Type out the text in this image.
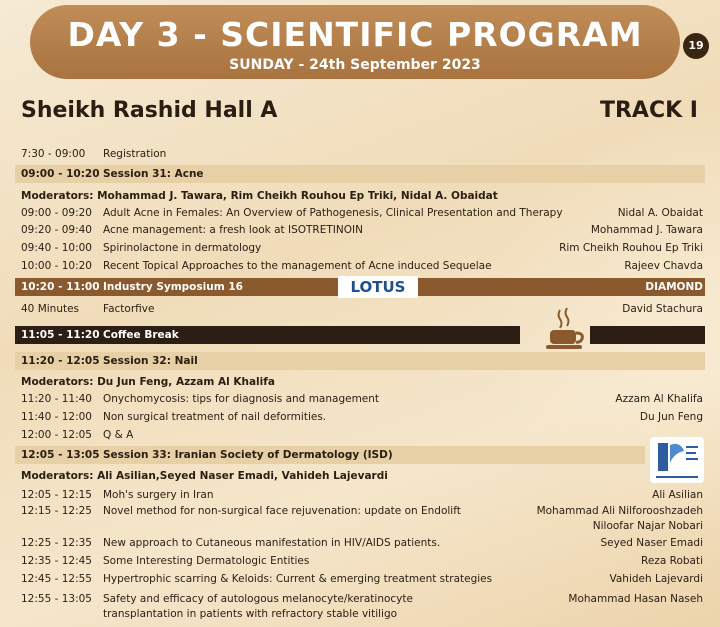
DAY 3 - SCIENTIFIC PROGRAM
SUNDAY - 24th September 2023
19
Sheikh Rashid Hall A	TRACK I
7:30 - 09:00 Registration
09:00 - 10:20 Session 31: Acne
Moderators: Mohammad J. Tawara, Rim Cheikh Rouhou Ep Triki, Nidal A. Obaidat
09:00 - 09:20 Adult Acne in Females: An Overview of Pathogenesis, Clinical Presentation and Therapy	Nidal A. Obaidat
09:20 - 09:40 Acne management: a fresh look at ISOTRETINOIN	Mohammad J. Tawara
09:40 - 10:00 Spirinolactone in dermatology	Rim Cheikh Rouhou Ep Triki
10:00 - 10:20 Recent Topical Approaches to the management of Acne induced Sequelae	Rajeev Chavda
10:20 - 11:00 Industry Symposium 16	DIAMOND
LOTUS
40 Minutes Factorfive	David Stachura
11:05 - 11:20 Coffee Break
11:20 - 12:05 Session 32: Nail
Moderators: Du Jun Feng, Azzam Al Khalifa
11:20 - 11:40 Onychomycosis: tips for diagnosis and management	Azzam Al Khalifa
11:40 - 12:00 Non surgical treatment of nail deformities.	Du Jun Feng
12:00 - 12:05 Q & A
12:05 - 13:05 Session 33: Iranian Society of Dermatology (ISD)
Moderators: Ali Asilian,Seyed Naser Emadi, Vahideh Lajevardi
12:05 - 12:15 Moh's surgery in Iran	Ali Asilian
12:15 - 12:25 Novel method for non-surgical face rejuvenation: update on Endolift	Mohammad Ali Nilforooshzadeh
Niloofar Najar Nobari
12:25 - 12:35 New approach to Cutaneous manifestation in HIV/AIDS patients.	Seyed Naser Emadi
12:35 - 12:45 Some Interesting Dermatologic Entities	Reza Robati
12:45 - 12:55 Hypertrophic scarring & Keloids: Current & emerging treatment strategies	Vahideh Lajevardi
12:55 - 13:05 Safety and efficacy of autologous melanocyte/keratinocyte	Mohammad Hasan Naseh
transplantation in patients with refractory stable vitiligo
